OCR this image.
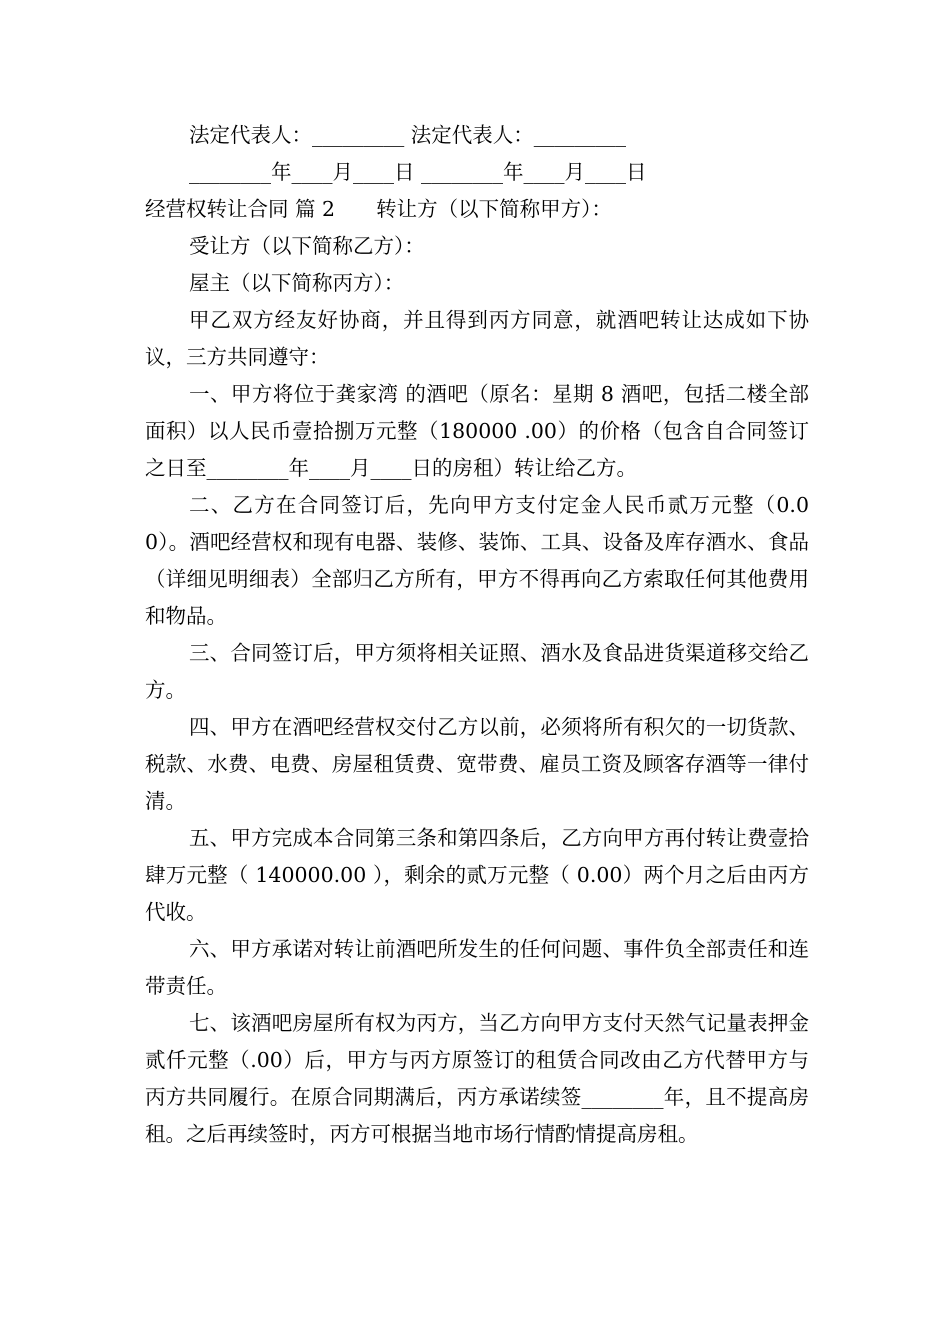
法定代表人：_________ 法定代表人：_________
________年____月____日 ________年____月____日
经营权转让合同 篇 2　　转让方（以下简称甲方）：
受让方（以下简称乙方）：
屋主（以下简称丙方）：

甲乙双方经友好协商，并且得到丙方同意，就酒吧转让达成如下协议，三方共同遵守：

一、甲方将位于龚家湾 的酒吧（原名：星期 8 酒吧，包括二楼全部面积）以人民币壹拾捌万元整（180000 .00）的价格（包含自合同签订之日至________年____月____日的房租）转让给乙方。

二、乙方在合同签订后，先向甲方支付定金人民币贰万元整（0.00）。酒吧经营权和现有电器、装修、装饰、工具、设备及库存酒水、食品（详细见明细表）全部归乙方所有，甲方不得再向乙方索取任何其他费用和物品。

三、合同签订后，甲方须将相关证照、酒水及食品进货渠道移交给乙方。

四、甲方在酒吧经营权交付乙方以前，必须将所有积欠的一切货款、税款、水费、电费、房屋租赁费、宽带费、雇员工资及顾客存酒等一律付清。

五、甲方完成本合同第三条和第四条后，乙方向甲方再付转让费壹拾肆万元整（ 140000.00 ），剩余的贰万元整（ 0.00）两个月之后由丙方代收。

六、甲方承诺对转让前酒吧所发生的任何问题、事件负全部责任和连带责任。

七、该酒吧房屋所有权为丙方，当乙方向甲方支付天然气记量表押金贰仟元整（.00）后，甲方与丙方原签订的租赁合同改由乙方代替甲方与丙方共同履行。在原合同期满后，丙方承诺续签________年，且不提高房租。之后再续签时，丙方可根据当地市场行情酌情提高房租。
